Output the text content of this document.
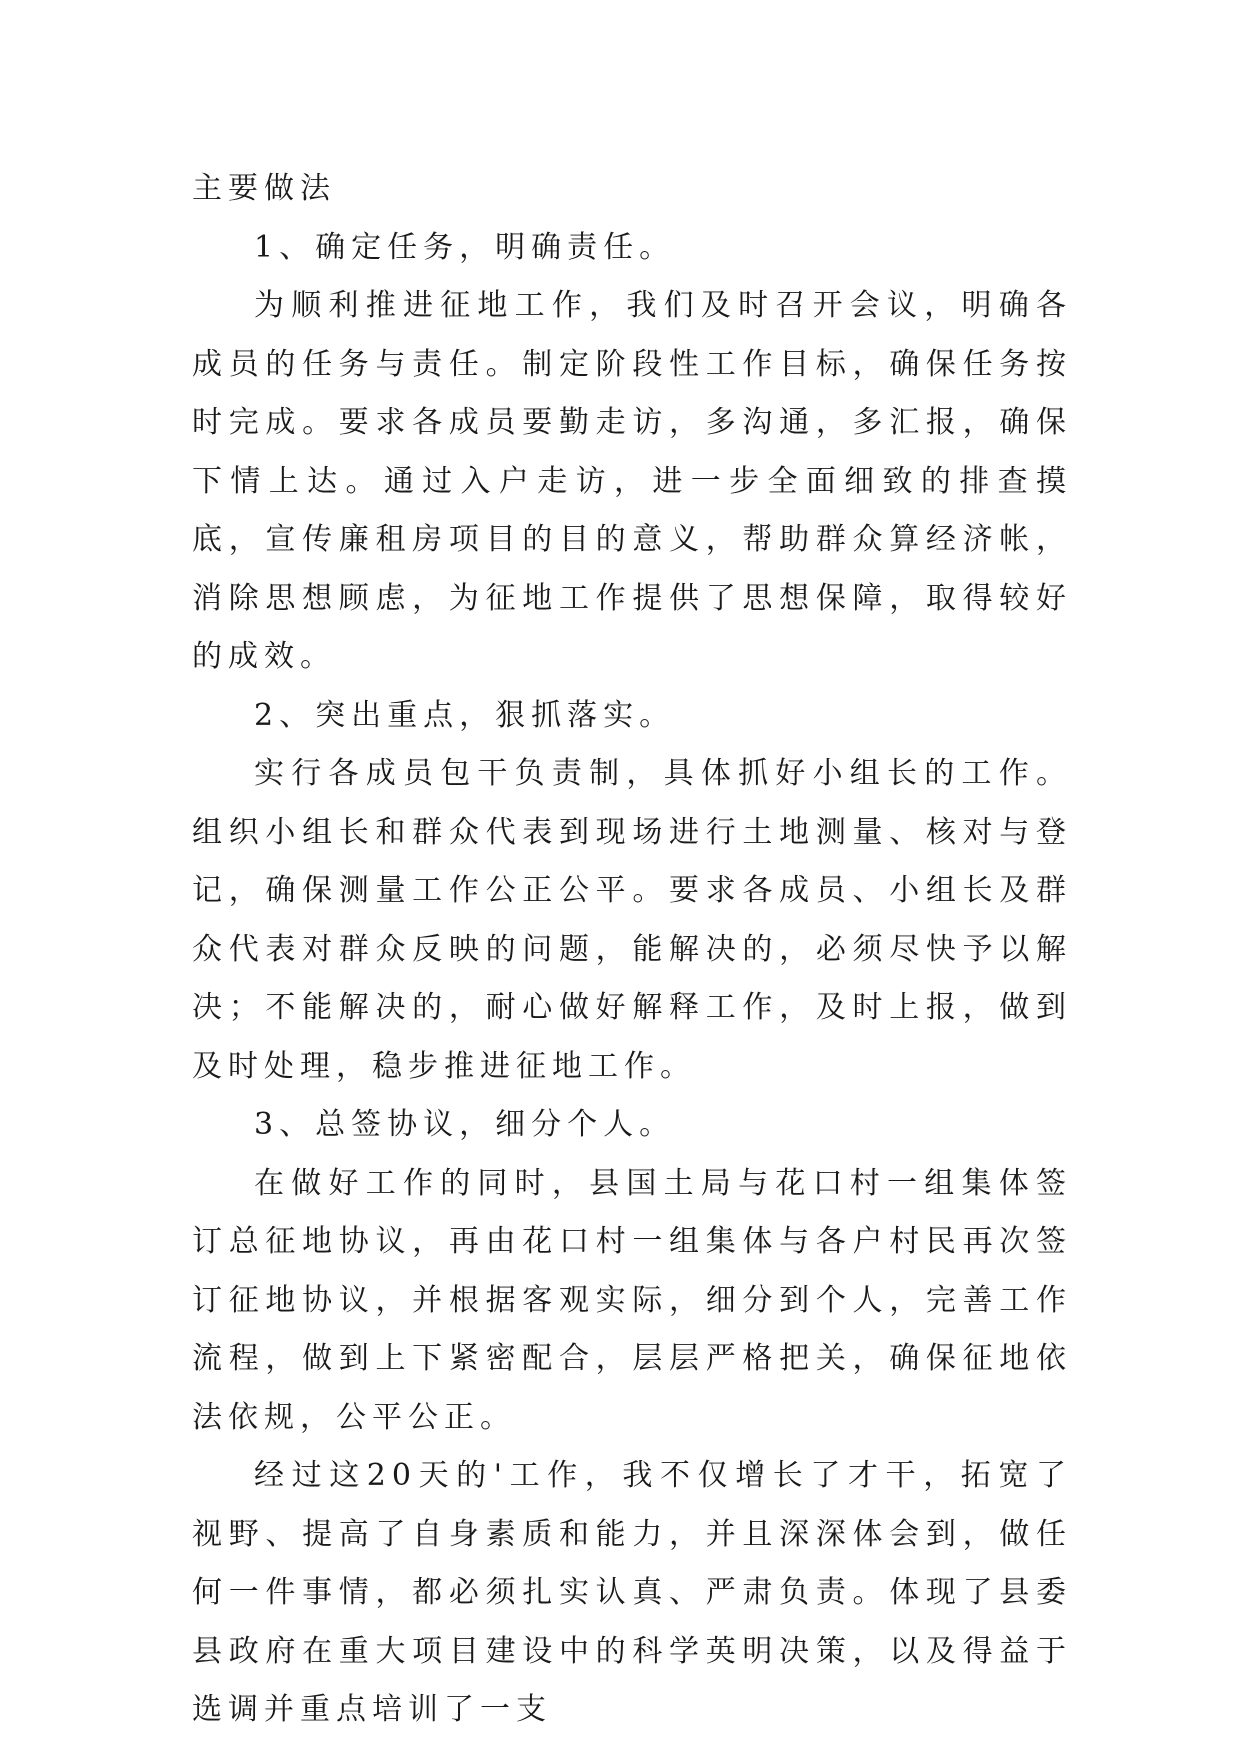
主要做法

1、确定任务，明确责任。

为顺利推进征地工作，我们及时召开会议，明确各成员的任务与责任。制定阶段性工作目标，确保任务按时完成。要求各成员要勤走访，多沟通，多汇报，确保下情上达。通过入户走访，进一步全面细致的排查摸底，宣传廉租房项目的目的意义，帮助群众算经济帐，消除思想顾虑，为征地工作提供了思想保障，取得较好的成效。

2、突出重点，狠抓落实。

实行各成员包干负责制，具体抓好小组长的工作。组织小组长和群众代表到现场进行土地测量、核对与登记，确保测量工作公正公平。要求各成员、小组长及群众代表对群众反映的问题，能解决的，必须尽快予以解决；不能解决的，耐心做好解释工作，及时上报，做到及时处理，稳步推进征地工作。

3、总签协议，细分个人。

在做好工作的同时，县国土局与花口村一组集体签订总征地协议，再由花口村一组集体与各户村民再次签订征地协议，并根据客观实际，细分到个人，完善工作流程，做到上下紧密配合，层层严格把关，确保征地依法依规，公平公正。

经过这20天的'工作，我不仅增长了才干，拓宽了视野、提高了自身素质和能力，并且深深体会到，做任何一件事情，都必须扎实认真、严肃负责。体现了县委县政府在重大项目建设中的科学英明决策，以及得益于选调并重点培训了一支
